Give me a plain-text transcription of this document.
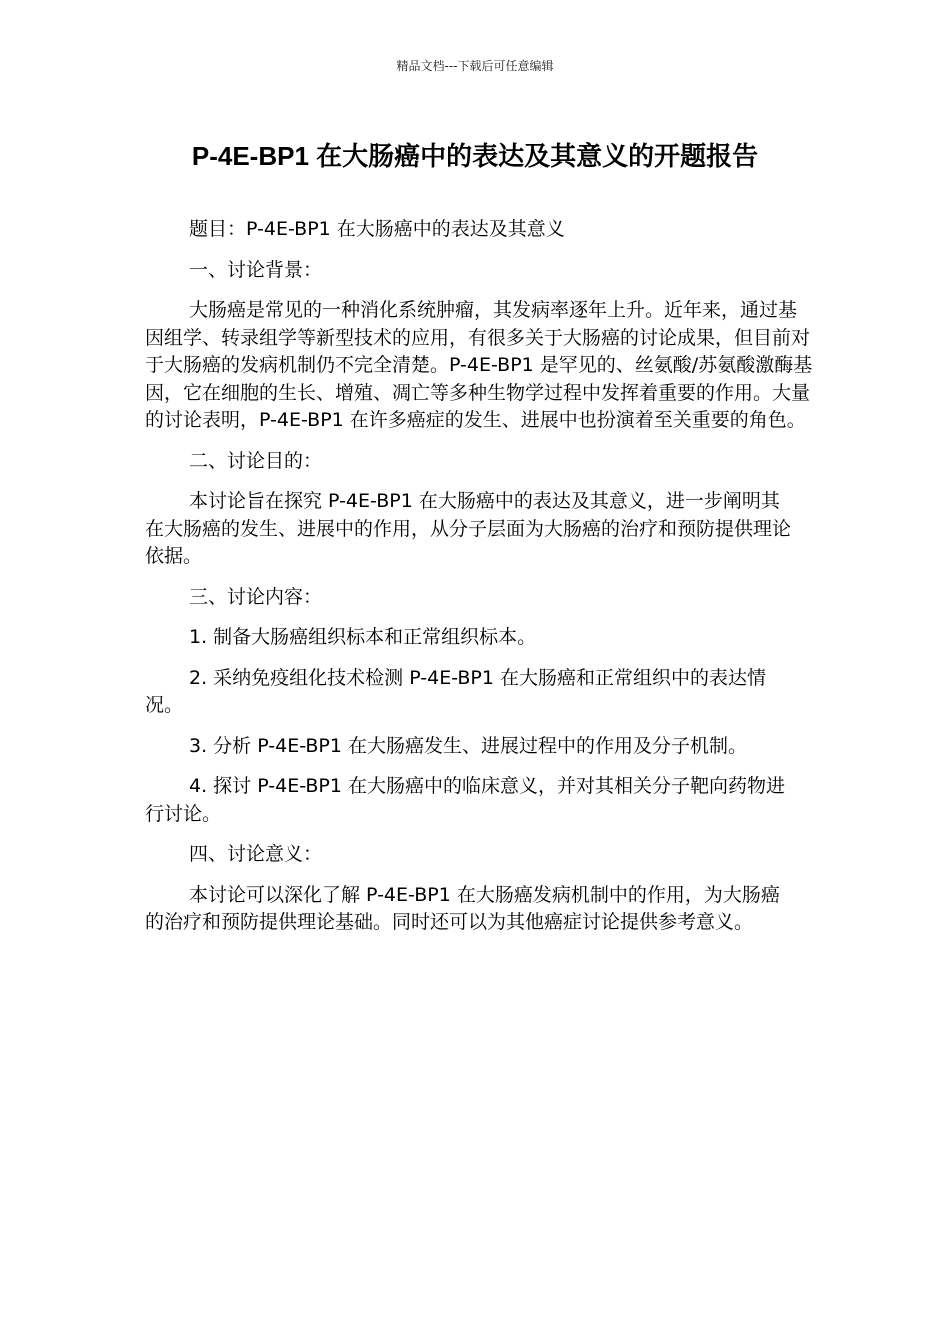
精品文档---下载后可任意编辑
P-4E-BP1 在大肠癌中的表达及其意义的开题报告

题目：P-4E-BP1 在大肠癌中的表达及其意义

一、讨论背景：

大肠癌是常见的一种消化系统肿瘤，其发病率逐年上升。近年来，通过基因组学、转录组学等新型技术的应用，有很多关于大肠癌的讨论成果，但目前对于大肠癌的发病机制仍不完全清楚。P-4E-BP1 是罕见的、丝氨酸/苏氨酸激酶基因，它在细胞的生长、增殖、凋亡等多种生物学过程中发挥着重要的作用。大量的讨论表明，P-4E-BP1 在许多癌症的发生、进展中也扮演着至关重要的角色。

二、讨论目的：

本讨论旨在探究 P-4E-BP1 在大肠癌中的表达及其意义，进一步阐明其在大肠癌的发生、进展中的作用，从分子层面为大肠癌的治疗和预防提供理论依据。

三、讨论内容：

1. 制备大肠癌组织标本和正常组织标本。

2. 采纳免疫组化技术检测 P-4E-BP1 在大肠癌和正常组织中的表达情况。

3. 分析 P-4E-BP1 在大肠癌发生、进展过程中的作用及分子机制。

4. 探讨 P-4E-BP1 在大肠癌中的临床意义，并对其相关分子靶向药物进行讨论。

四、讨论意义：

本讨论可以深化了解 P-4E-BP1 在大肠癌发病机制中的作用，为大肠癌的治疗和预防提供理论基础。同时还可以为其他癌症讨论提供参考意义。
